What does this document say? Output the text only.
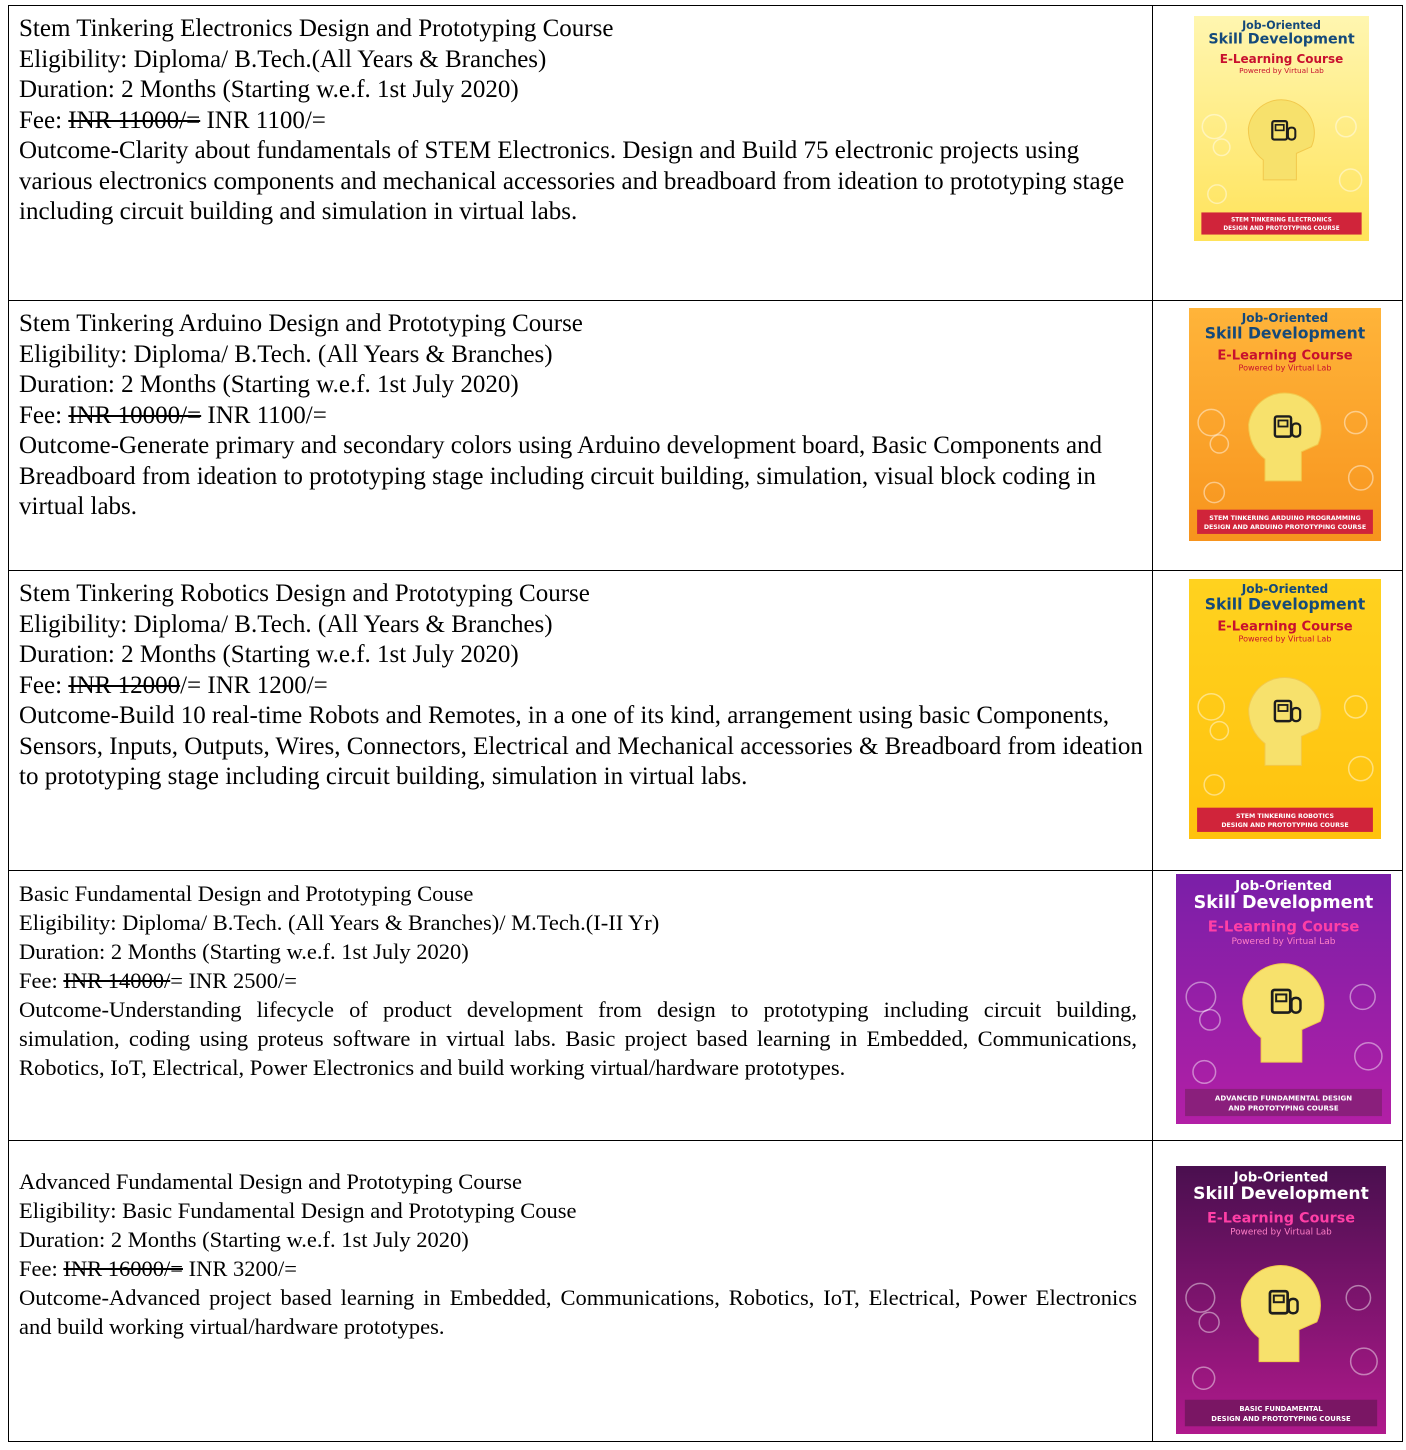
Stem Tinkering Electronics Design and Prototyping Course

Eligibility: Diploma/ B.Tech.(All Years & Branches)

Duration: 2 Months (Starting w.e.f. 1st July 2020)

Fee: INR 11000/= INR 1100/=

Outcome-Clarity about fundamentals of STEM Electronics. Design and Build 75 electronic projects using various electronics components and mechanical accessories and breadboard from ideation to prototyping stage including circuit building and simulation in virtual labs.

Job-Oriented
Skill Development
E-Learning Course
Powered by Virtual Lab
STEM TINKERING ELECTRONICS
DESIGN AND PROTOTYPING COURSE

Stem Tinkering Arduino Design and Prototyping Course

Eligibility: Diploma/ B.Tech. (All Years & Branches)

Duration: 2 Months (Starting w.e.f. 1st July 2020)

Fee: INR 10000/= INR 1100/=

Outcome-Generate primary and secondary colors using Arduino development board, Basic Components and Breadboard from ideation to prototyping stage including circuit building, simulation, visual block coding in virtual labs.

Job-Oriented
Skill Development
E-Learning Course
Powered by Virtual Lab
STEM TINKERING ARDUINO PROGRAMMING
DESIGN AND ARDUINO PROTOTYPING COURSE

Stem Tinkering Robotics Design and Prototyping Course

Eligibility: Diploma/ B.Tech. (All Years & Branches)

Duration: 2 Months (Starting w.e.f. 1st July 2020)

Fee: INR 12000/= INR 1200/=

Outcome-Build 10 real-time Robots and Remotes, in a one of its kind, arrangement using basic Components, Sensors, Inputs, Outputs, Wires, Connectors, Electrical and Mechanical accessories & Breadboard from ideation to prototyping stage including circuit building, simulation in virtual labs.

Job-Oriented
Skill Development
E-Learning Course
Powered by Virtual Lab
STEM TINKERING ROBOTICS
DESIGN AND PROTOTYPING COURSE

Basic Fundamental Design and Prototyping Couse

Eligibility: Diploma/ B.Tech. (All Years & Branches)/ M.Tech.(I-II Yr)

Duration: 2 Months (Starting w.e.f. 1st July 2020)

Fee: INR 14000/= INR 2500/=

Outcome-Understanding lifecycle of product development from design to prototyping including circuit building, simulation, coding using proteus software in virtual labs. Basic project based learning in Embedded, Communications, Robotics, IoT, Electrical, Power Electronics and build working virtual/hardware prototypes.

Job-Oriented
Skill Development
E-Learning Course
Powered by Virtual Lab
ADVANCED FUNDAMENTAL DESIGN
AND PROTOTYPING COURSE

Advanced Fundamental Design and Prototyping Course

Eligibility: Basic Fundamental Design and Prototyping Couse

Duration: 2 Months (Starting w.e.f. 1st July 2020)

Fee: INR 16000/= INR 3200/=

Outcome-Advanced project based learning in Embedded, Communications, Robotics, IoT, Electrical, Power Electronics and build working virtual/hardware prototypes.

Job-Oriented
Skill Development
E-Learning Course
Powered by Virtual Lab
BASIC FUNDAMENTAL
DESIGN AND PROTOTYPING COURSE
